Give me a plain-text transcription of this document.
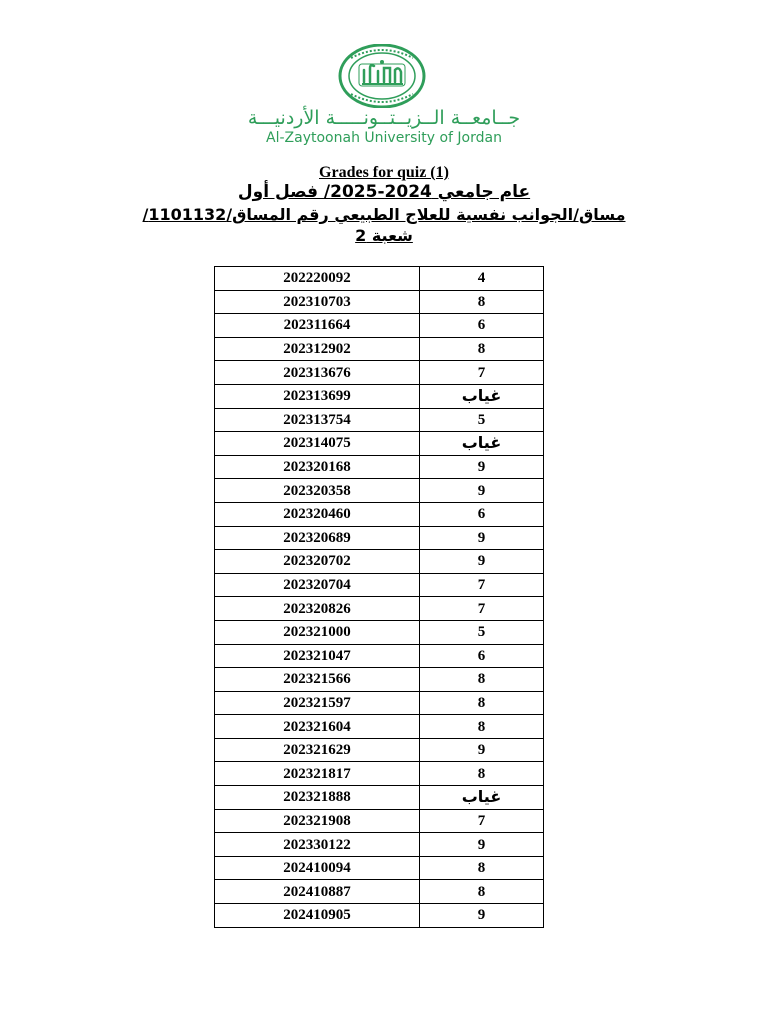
جــامعــة الــزيــتــونـــــة الأردنيـــة
Al-Zaytoonah University of Jordan
Grades for quiz (1)
عام جامعي 2024-2025/ فصل أول
مساق/الجوانب نفسية للعلاج الطبيعي رقم المساق/1101132/
شعبة 2
202220092	4
202310703	8
202311664	6
202312902	8
202313676	7
202313699	غياب
202313754	5
202314075	غياب
202320168	9
202320358	9
202320460	6
202320689	9
202320702	9
202320704	7
202320826	7
202321000	5
202321047	6
202321566	8
202321597	8
202321604	8
202321629	9
202321817	8
202321888	غياب
202321908	7
202330122	9
202410094	8
202410887	8
202410905	9
